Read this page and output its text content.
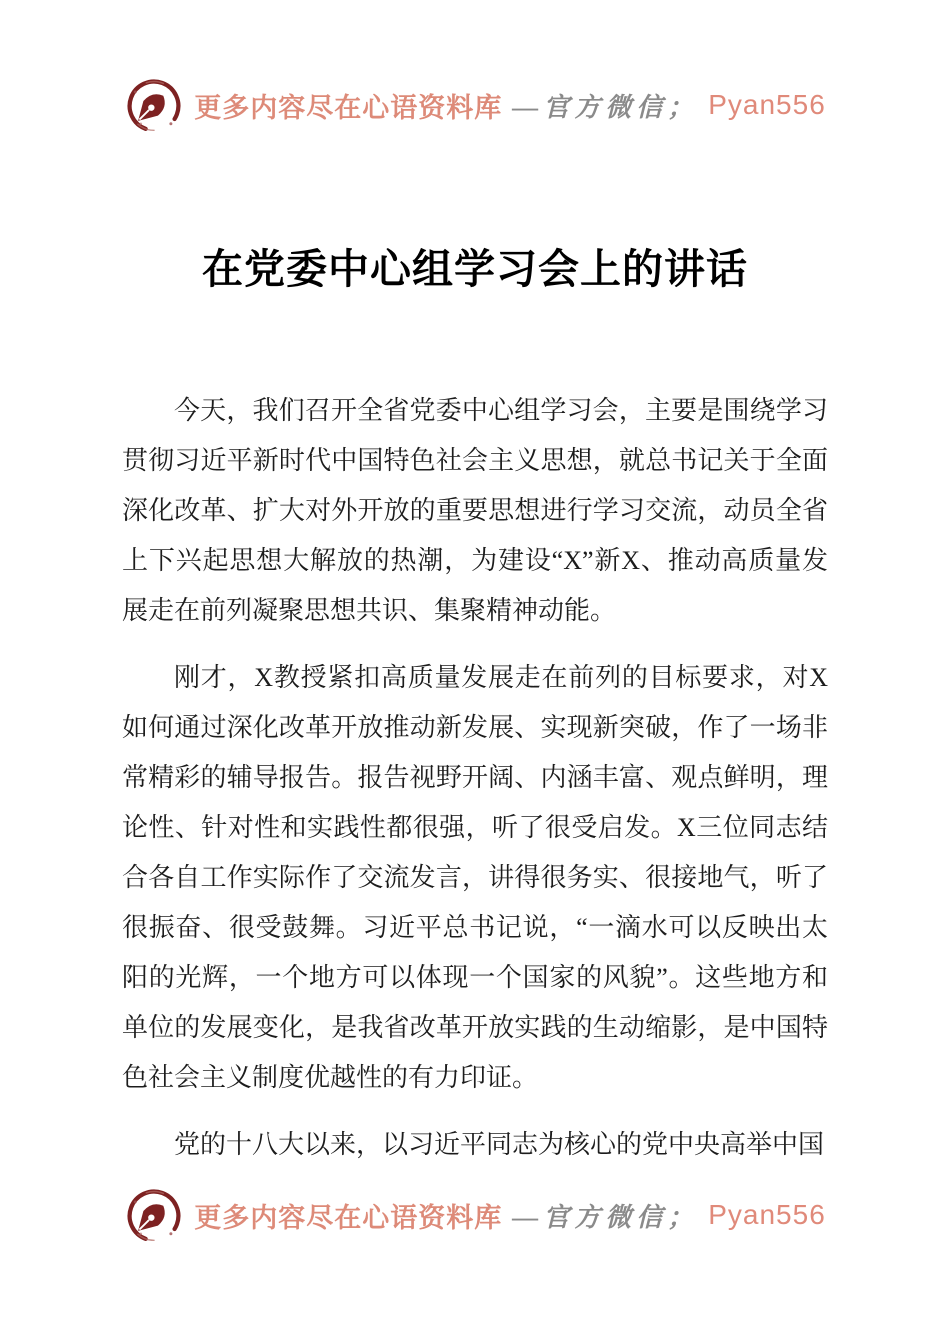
更多内容尽在心语资料库 —官方微信； Pyan556
在党委中心组学习会上的讲话

今天，我们召开全省党委中心组学习会，主要是围绕学习贯彻习近平新时代中国特色社会主义思想，就总书记关于全面深化改革、扩大对外开放的重要思想进行学习交流，动员全省上下兴起思想大解放的热潮，为建设“X”新X、推动高质量发展走在前列凝聚思想共识、集聚精神动能。

刚才，X教授紧扣高质量发展走在前列的目标要求，对X如何通过深化改革开放推动新发展、实现新突破，作了一场非常精彩的辅导报告。报告视野开阔、内涵丰富、观点鲜明，理论性、针对性和实践性都很强，听了很受启发。X三位同志结合各自工作实际作了交流发言，讲得很务实、很接地气，听了很振奋、很受鼓舞。习近平总书记说，“一滴水可以反映出太阳的光辉，一个地方可以体现一个国家的风貌”。这些地方和单位的发展变化，是我省改革开放实践的生动缩影，是中国特色社会主义制度优越性的有力印证。

党的十八大以来，以习近平同志为核心的党中央高举中国

更多内容尽在心语资料库 —官方微信； Pyan556
